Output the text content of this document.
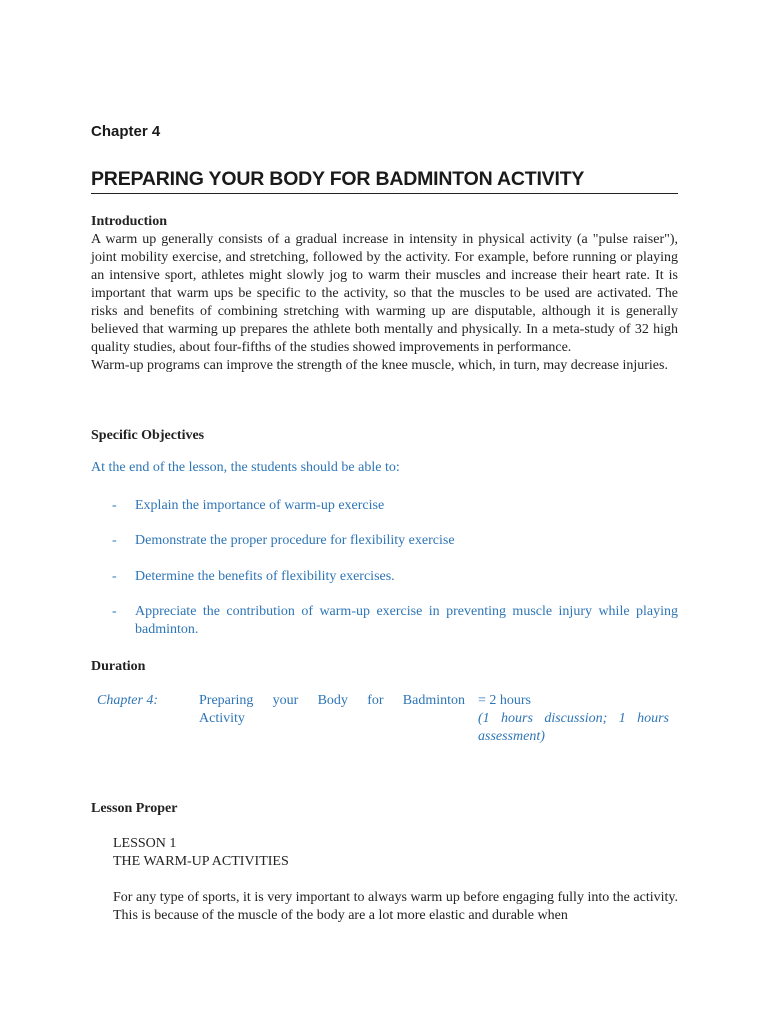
Chapter 4

PREPARING YOUR BODY FOR BADMINTON ACTIVITY

Introduction

A warm up generally consists of a gradual increase in intensity in physical activity (a "pulse raiser"), joint mobility exercise, and stretching, followed by the activity. For example, before running or playing an intensive sport, athletes might slowly jog to warm their muscles and increase their heart rate. It is important that warm ups be specific to the activity, so that the muscles to be used are activated. The risks and benefits of combining stretching with warming up are disputable, although it is generally believed that warming up prepares the athlete both mentally and physically. In a meta-study of 32 high quality studies, about four-fifths of the studies showed improvements in performance.

Warm-up programs can improve the strength of the knee muscle, which, in turn, may decrease injuries.

Specific Objectives

At the end of the lesson, the students should be able to:

- Explain the importance of warm-up exercise
- Demonstrate the proper procedure for flexibility exercise
- Determine the benefits of flexibility exercises.
- Appreciate the contribution of warm-up exercise in preventing muscle injury while playing badminton.

Duration

Chapter 4:	Preparing your Body for Badminton
Activity
= 2 hours
(1 hours discussion; 1 hours assessment)

Lesson Proper

LESSON 1

THE WARM-UP ACTIVITIES

For any type of sports, it is very important to always warm up before engaging fully into the activity. This is because of the muscle of the body are a lot more elastic and durable when
